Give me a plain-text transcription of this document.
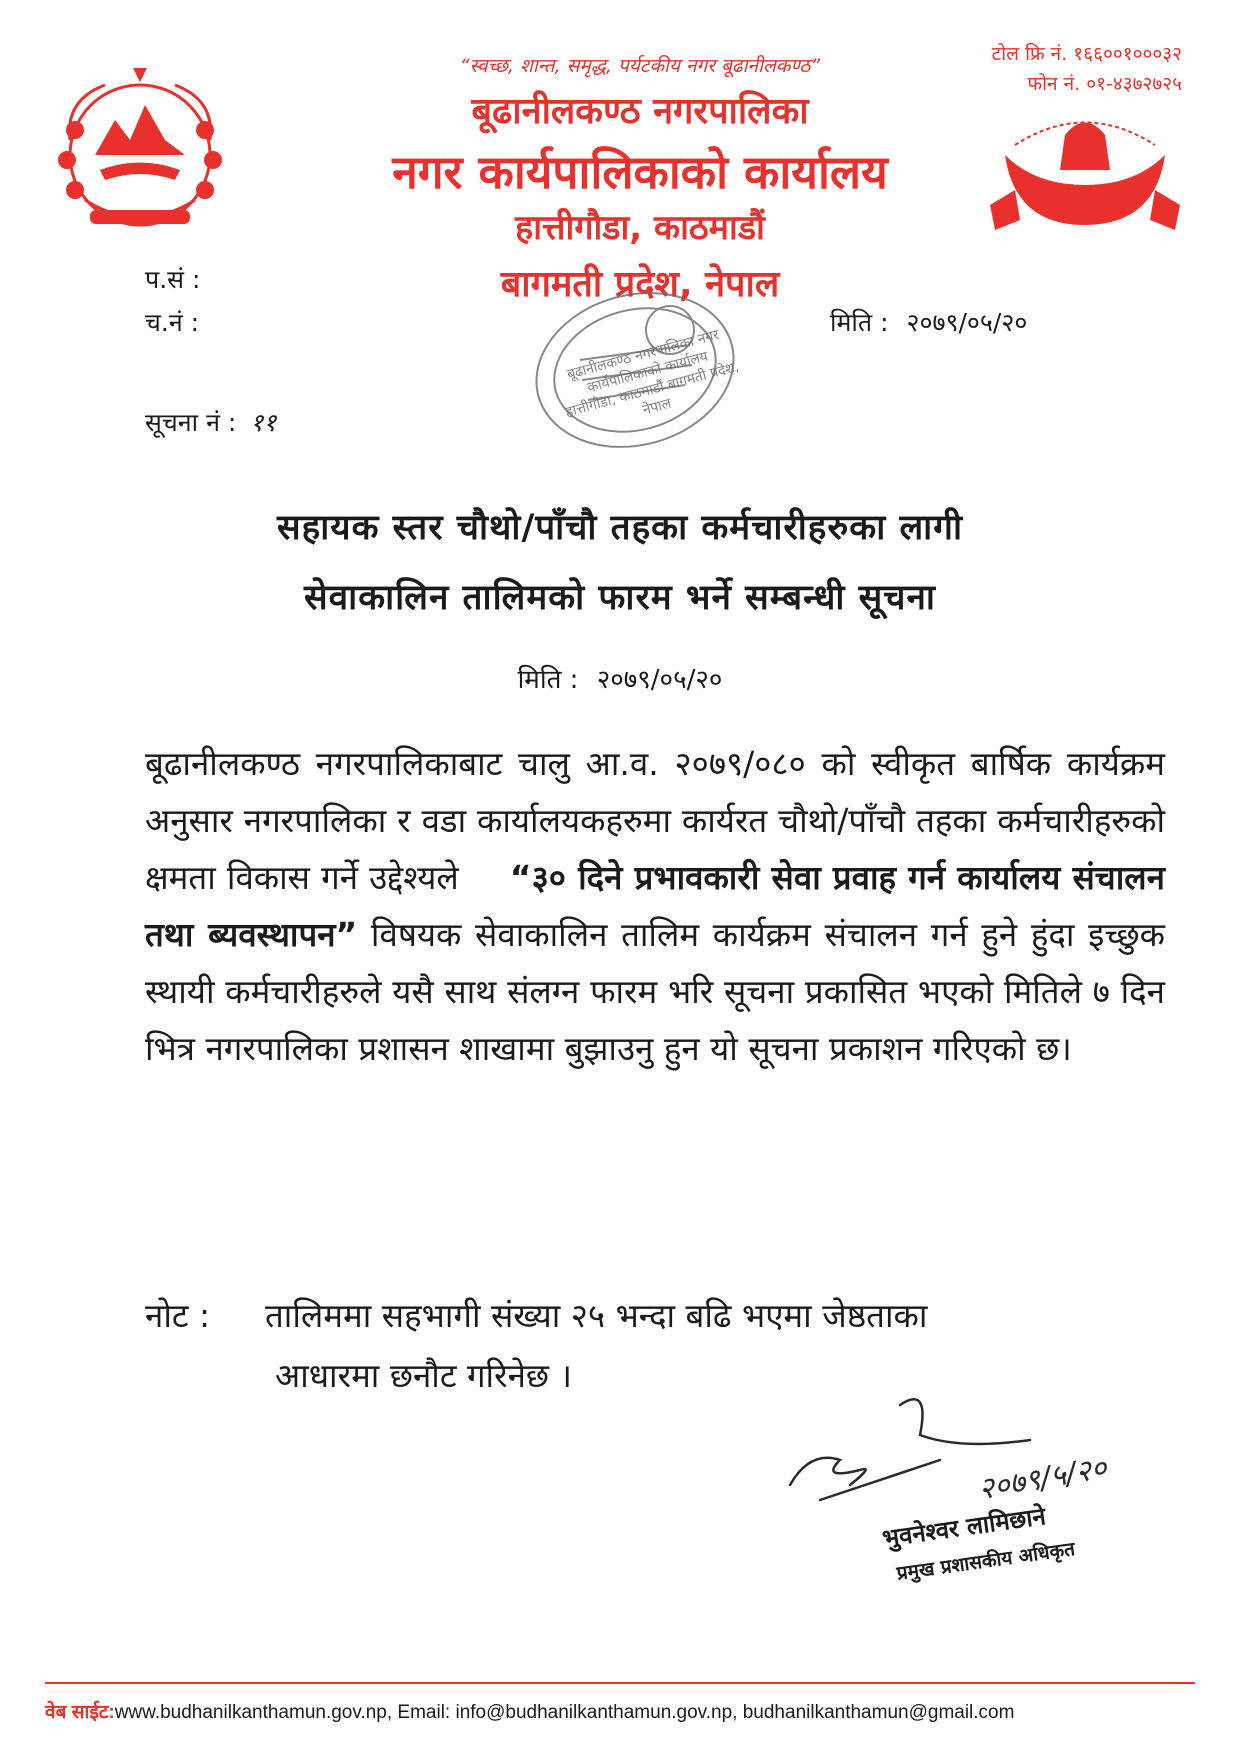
“स्वच्छ, शान्त, समृद्ध, पर्यटकीय नगर बूढानीलकण्ठ”
बूढानीलकण्ठ नगरपालिका
नगर कार्यपालिकाको कार्यालय
हात्तीगौडा, काठमाडौं
बागमती प्रदेश, नेपाल
टोल फ्रि नं. १६६००१०००३२
फोन नं. ०१-४३७२७२५
प.सं :
च.नं :	मिति : २०७९/०५/२०
सूचना नं : ११
बूढानीलकण्ठ नगरपालिका नगर कार्यपालिकाको कार्यालय हात्तीगौडा, काठमाडौं बागमती प्रदेश, नेपाल
सहायक स्तर चौथो/पाँचौ तहका कर्मचारीहरुका लागी
सेवाकालिन तालिमको फारम भर्ने सम्बन्धी सूचना
मिति : २०७९/०५/२०
बूढानीलकण्ठ नगरपालिकाबाट चालु आ.व. २०७९/०८० को स्वीकृत बार्षिक कार्यक्रम अनुसार नगरपालिका र वडा कार्यालयकहरुमा कार्यरत चौथो/पाँचौ तहका कर्मचारीहरुको क्षमता विकास गर्ने उद्देश्यले “३० दिने प्रभावकारी सेवा प्रवाह गर्न कार्यालय संचालन तथा ब्यवस्थापन” विषयक सेवाकालिन तालिम कार्यक्रम संचालन गर्न हुने हुंदा इच्छुक स्थायी कर्मचारीहरुले यसै साथ संलग्न फारम भरि सूचना प्रकासित भएको मितिले ७ दिन भित्र नगरपालिका प्रशासन शाखामा बुझाउनु हुन यो सूचना प्रकाशन गरिएको छ।
नोट : तालिममा सहभागी संख्या २५ भन्दा बढि भएमा जेष्ठताका
आधारमा छनौट गरिनेछ ।
२०७९/५/२०
भुवनेश्वर लामिछाने
प्रमुख प्रशासकीय अधिकृत
वेब साईट:www.budhanilkanthamun.gov.np, Email: info@budhanilkanthamun.gov.np, budhanilkanthamun@gmail.com
